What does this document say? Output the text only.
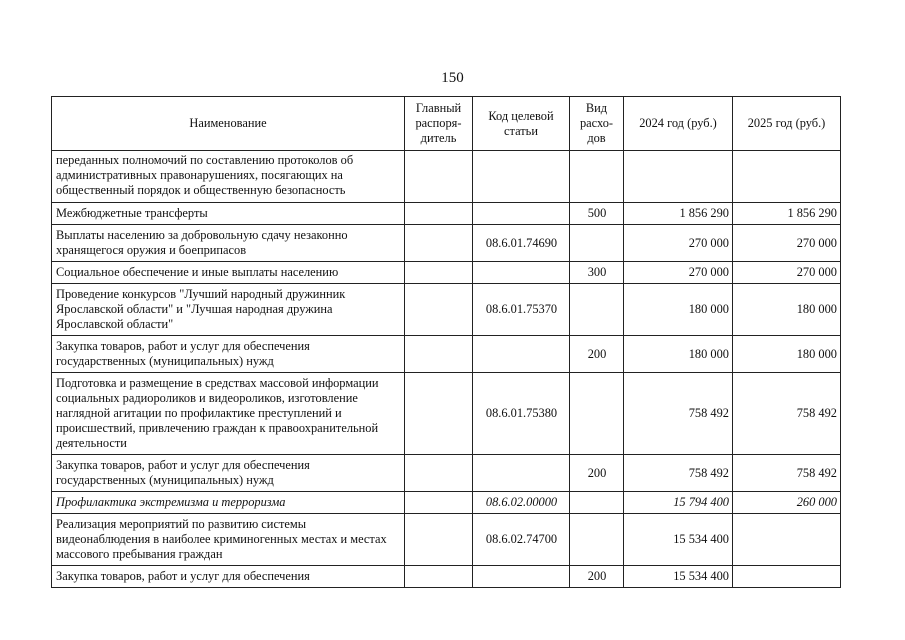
150
Наименование	Главный распоря-дитель	Код целевой статьи	Вид расхо-дов	2024 год (руб.)	2025 год (руб.)
переданных полномочий по составлению протоколов об административных правонарушениях, посягающих на общественный порядок и общественную безопасность					
Межбюджетные трансферты			500	1 856 290	1 856 290
Выплаты населению за добровольную сдачу незаконно хранящегося оружия и боеприпасов		08.6.01.74690		270 000	270 000
Социальное обеспечение и иные выплаты населению			300	270 000	270 000
Проведение конкурсов "Лучший народный дружинник Ярославской области" и "Лучшая народная дружина Ярославской области"		08.6.01.75370		180 000	180 000
Закупка товаров, работ и услуг для обеспечения государственных (муниципальных) нужд			200	180 000	180 000
Подготовка и размещение в средствах массовой информации социальных радиороликов и видеороликов, изготовление наглядной агитации по профилактике преступлений и происшествий, привлечению граждан к правоохранительной деятельности		08.6.01.75380		758 492	758 492
Закупка товаров, работ и услуг для обеспечения государственных (муниципальных) нужд			200	758 492	758 492
Профилактика экстремизма и терроризма		08.6.02.00000		15 794 400	260 000
Реализация мероприятий по развитию системы видеонаблюдения в наиболее криминогенных местах и местах массового пребывания граждан		08.6.02.74700		15 534 400	
Закупка товаров, работ и услуг для обеспечения			200	15 534 400	
